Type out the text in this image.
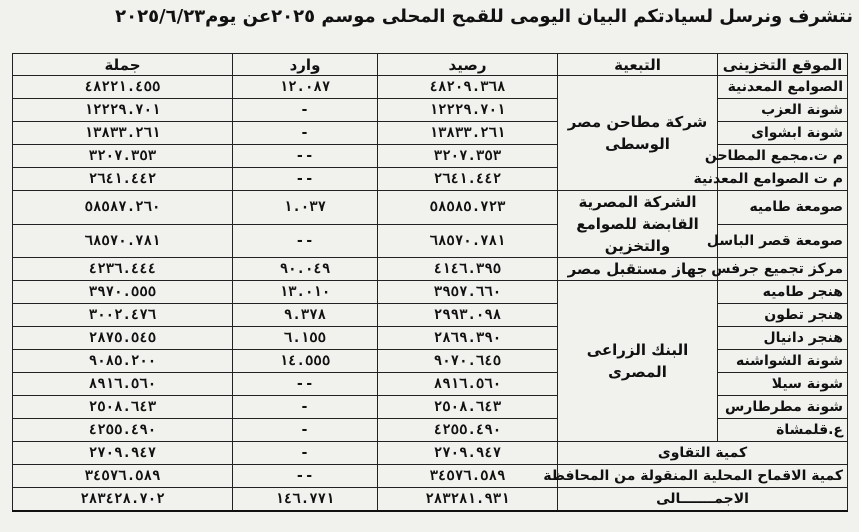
نتشرف ونرسل لسيادتكم البيان اليومى للقمح المحلى موسم ٢٠٢٥عن يوم٢٠٢٥/٦/٢٣
الموقع التخزينى	التبعية	رصيد	وارد	جملة
الصوامع المعدنية	شركة مطاحن مصر الوسطى	٤٨٢٠٩.٣٦٨	١٢.٠٨٧	٤٨٢٢١.٤٥٥
شونة العزب		١٢٢٢٩.٧٠١	-	١٢٢٢٩.٧٠١
شونة ابشواى		١٣٨٣٣.٢٦١	-	١٣٨٣٣.٢٦١
م ت.مجمع المطاحن		٣٢٠٧.٣٥٣	--	٣٢٠٧.٣٥٣
م ت الصوامع المعدنية		٢٦٤١.٤٤٢	--	٢٦٤١.٤٤٢
صومعة طاميه	الشركة المصرية القابضة للصوامع والتخزين	٥٨٥٨٥.٧٢٣	١.٠٣٧	٥٨٥٨٧.٢٦٠
صومعة قصر الباسل		٦٨٥٧٠.٧٨١	--	٦٨٥٧٠.٧٨١
مركز تجميع جرفس	جهاز مستقبل مصر	٤١٤٦.٣٩٥	٩٠.٠٤٩	٤٢٣٦.٤٤٤
هنجر طاميه	البنك الزراعى المصرى	٣٩٥٧.٦٦٠	١٣.٠١٠	٣٩٧٠.٥٥٥
هنجر تطون		٢٩٩٣.٠٩٨	٩.٣٧٨	٣٠٠٢.٤٧٦
هنجر دانيال		٢٨٦٩.٣٩٠	٦.١٥٥	٢٨٧٥.٥٤٥
شونة الشواشنه		٩٠٧٠.٦٤٥	١٤.٥٥٥	٩٠٨٥.٢٠٠
شونة سيلا		٨٩١٦.٥٦٠	--	٨٩١٦.٥٦٠
شونة مطرطارس		٢٥٠٨.٦٤٣	-	٢٥٠٨.٦٤٣
ع.قلمشاة		٤٢٥٥.٤٩٠	-	٤٢٥٥.٤٩٠
كمية التقاوى		٢٧٠٩.٩٤٧	-	٢٧٠٩.٩٤٧
كمية الاقماح المحلية المنقولة من المحافظة		٣٤٥٧٦.٥٨٩	--	٣٤٥٧٦.٥٨٩
الاجمـــــــالى		٢٨٣٢٨١.٩٣١	١٤٦.٧٧١	٢٨٣٤٢٨.٧٠٢
